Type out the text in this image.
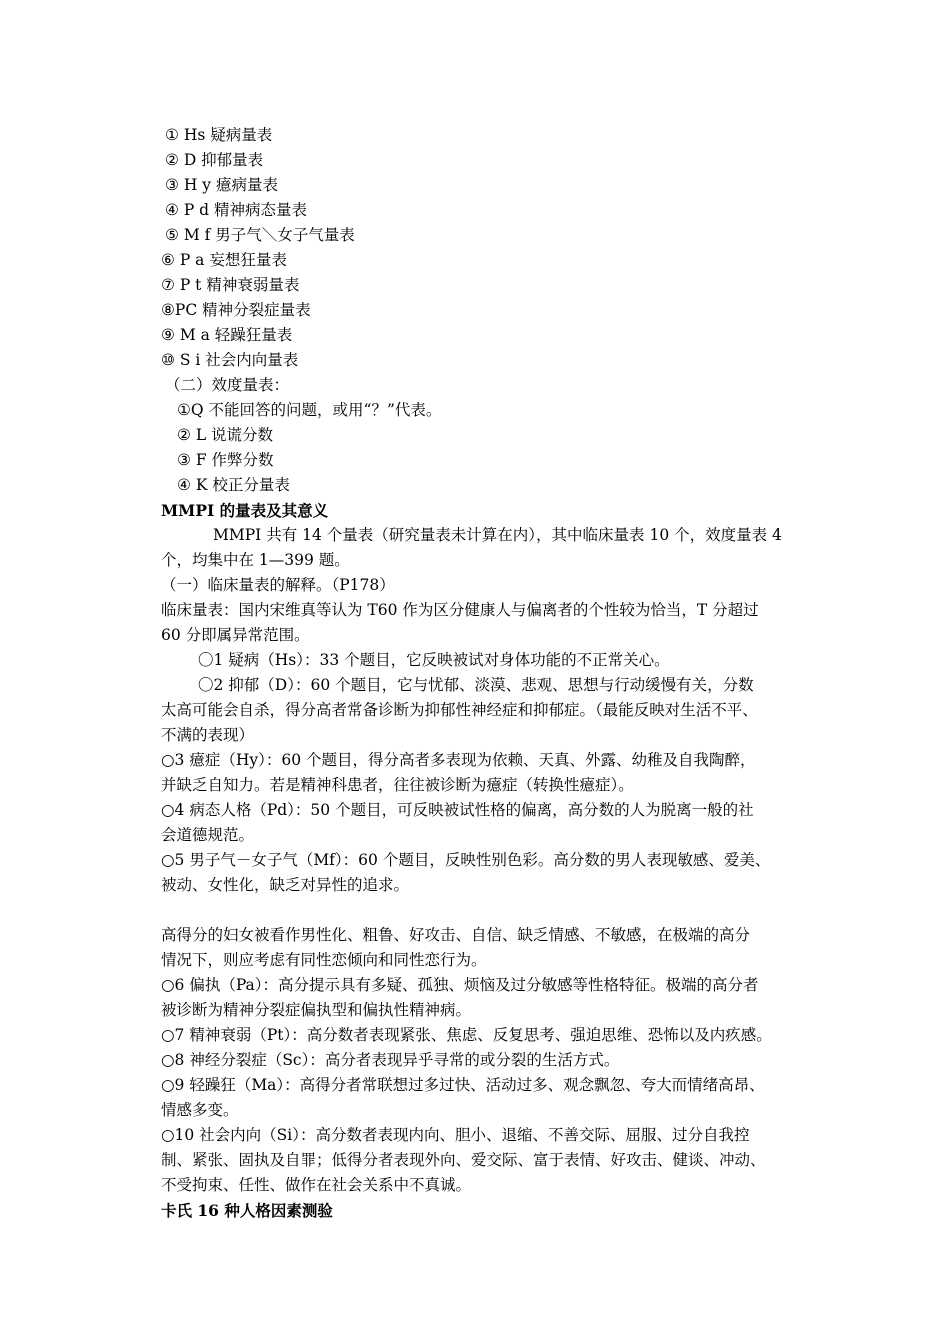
① Hs 疑病量表
② D 抑郁量表
③ H y 癔病量表
④ P d 精神病态量表
⑤ M f 男子气＼女子气量表
⑥ P a 妄想狂量表
⑦ P t 精神衰弱量表
⑧PC 精神分裂症量表
⑨ M a 轻躁狂量表
⑩ S i 社会内向量表
（二）效度量表：
①Q 不能回答的问题，或用“？”代表。
② L 说谎分数
③ F 作弊分数
④ K 校正分量表
MMPI 的量表及其意义
MMPI 共有 14 个量表（研究量表未计算在内），其中临床量表 10 个，效度量表 4
个，均集中在 1—399 题。
（一）临床量表的解释。（P178）
临床量表：国内宋维真等认为 T60 作为区分健康人与偏离者的个性较为恰当，T 分超过
60 分即属异常范围。
〇1 疑病（Hs）：33 个题目，它反映被试对身体功能的不正常关心。
〇2 抑郁（D）：60 个题目，它与忧郁、淡漠、悲观、思想与行动缓慢有关，分数
太高可能会自杀，得分高者常备诊断为抑郁性神经症和抑郁症。（最能反映对生活不平、
不满的表现）
○3 癔症（Hy）：60 个题目，得分高者多表现为依赖、天真、外露、幼稚及自我陶醉，
并缺乏自知力。若是精神科患者，往往被诊断为癔症（转换性癔症）。
○4 病态人格（Pd）：50 个题目，可反映被试性格的偏离，高分数的人为脱离一般的社
会道德规范。
○5 男子气－女子气（Mf）：60 个题目，反映性别色彩。高分数的男人表现敏感、爱美、
被动、女性化，缺乏对异性的追求。
高得分的妇女被看作男性化、粗鲁、好攻击、自信、缺乏情感、不敏感，在极端的高分
情况下，则应考虑有同性恋倾向和同性恋行为。
○6 偏执（Pa）：高分提示具有多疑、孤独、烦恼及过分敏感等性格特征。极端的高分者
被诊断为精神分裂症偏执型和偏执性精神病。
○7 精神衰弱（Pt）：高分数者表现紧张、焦虑、反复思考、强迫思维、恐怖以及内疚感。
○8 神经分裂症（Sc）：高分者表现异乎寻常的或分裂的生活方式。
○9 轻躁狂（Ma）：高得分者常联想过多过快、活动过多、观念飘忽、夸大而情绪高昂、
情感多变。
○10 社会内向（Si）：高分数者表现内向、胆小、退缩、不善交际、屈服、过分自我控
制、紧张、固执及自罪；低得分者表现外向、爱交际、富于表情、好攻击、健谈、冲动、
不受拘束、任性、做作在社会关系中不真诚。
卡氏 16 种人格因素测验
